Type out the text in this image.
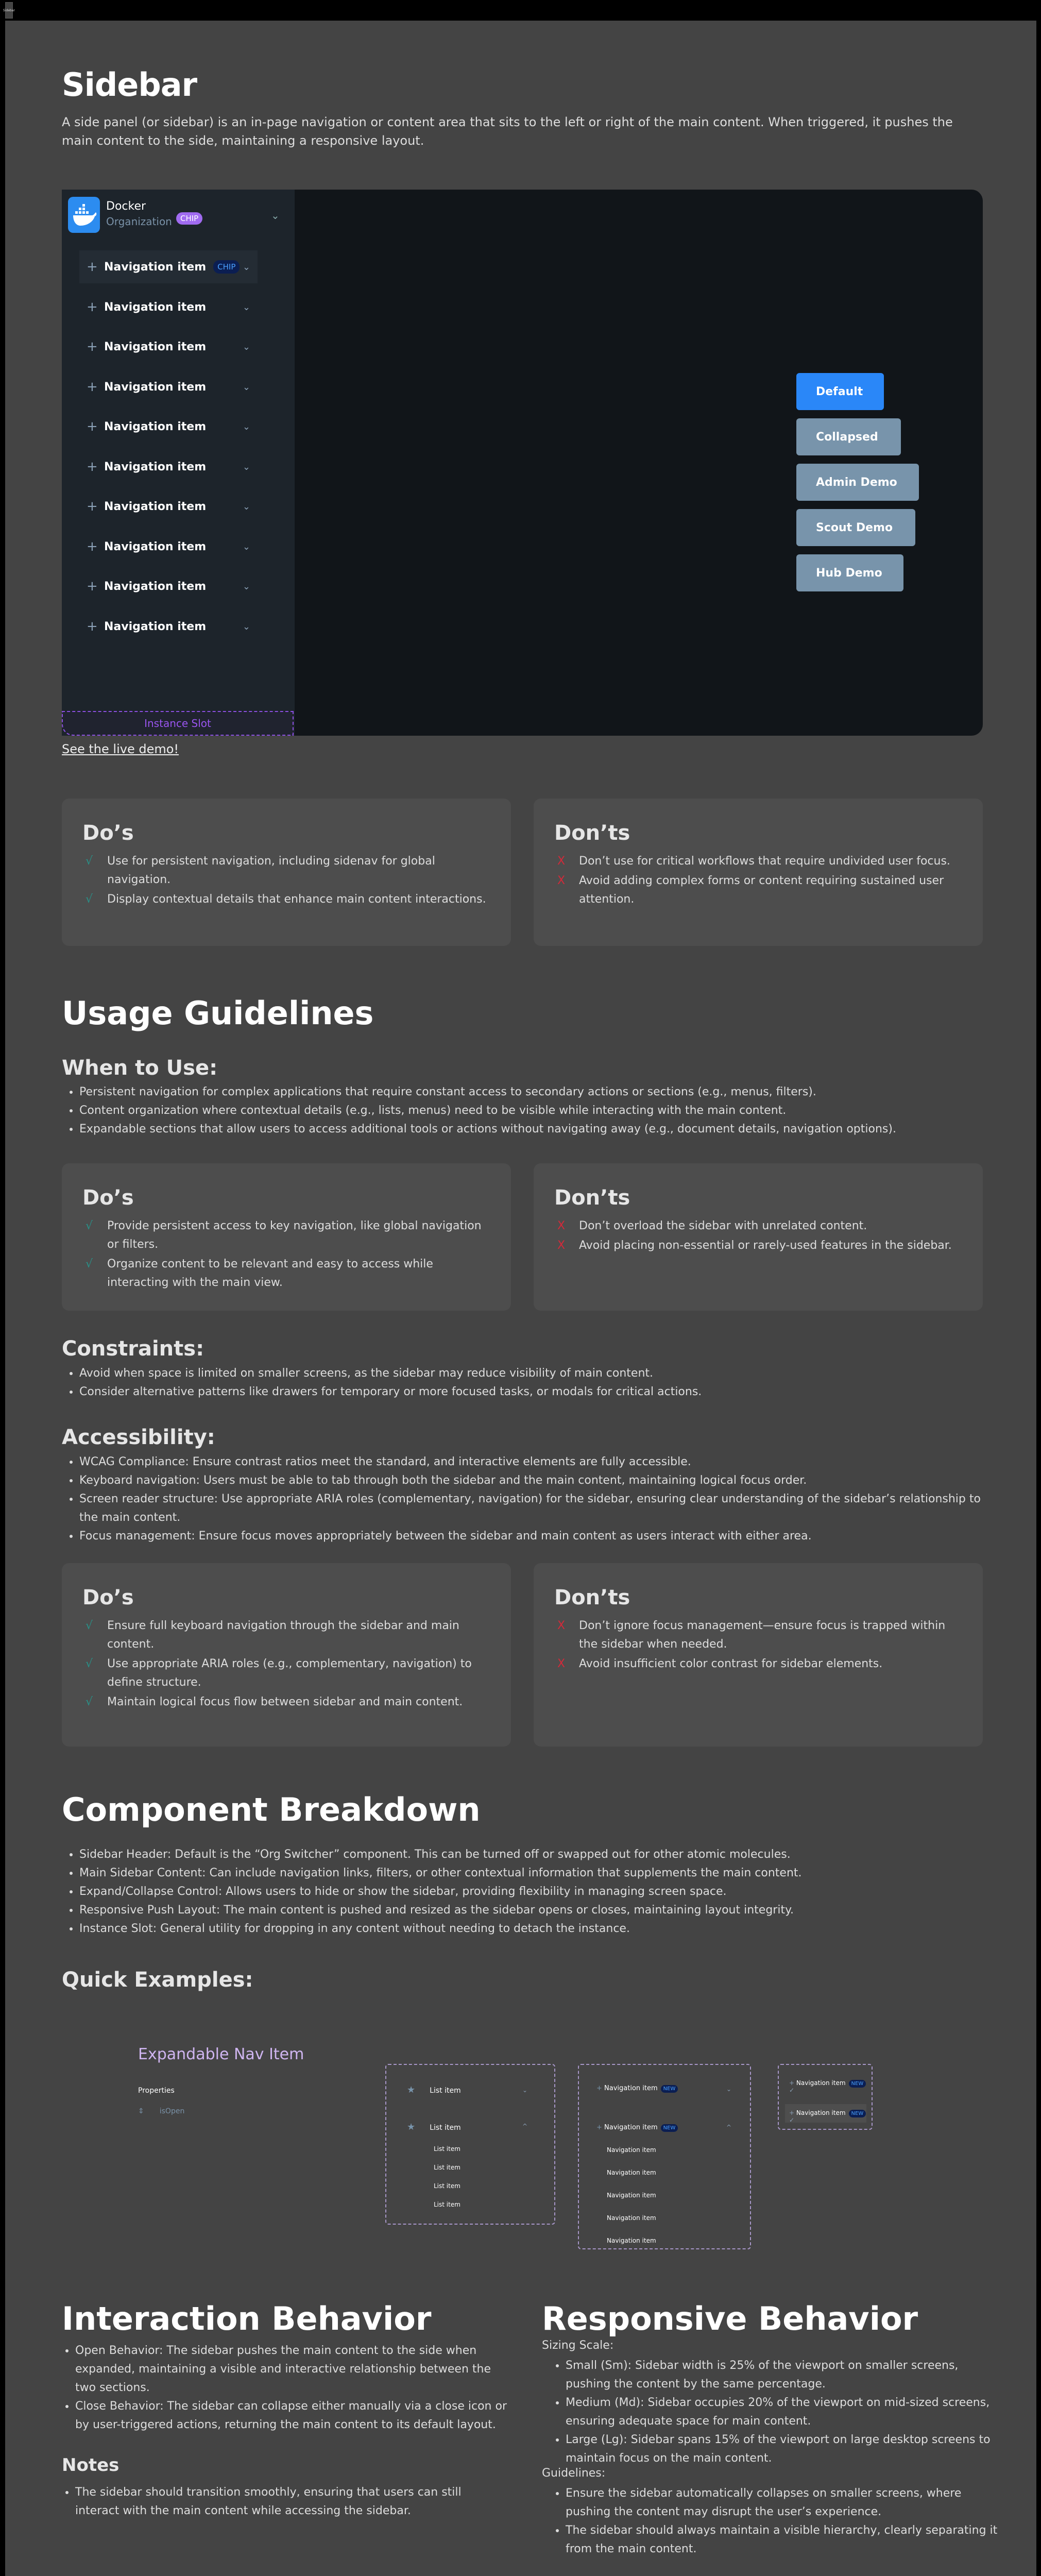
Sidebar
Sidebar

A side panel (or sidebar) is an in-page navigation or content area that sits to the left or right of the main content. When triggered, it pushes the main content to the side, maintaining a responsive layout.

Docker
Organization	CHIP	⌄
+ Navigation item	CHIP ⌄
+ Navigation item	⌄
+ Navigation item	⌄
+ Navigation item	⌄
+ Navigation item	⌄
+ Navigation item	⌄
+ Navigation item	⌄
+ Navigation item	⌄
+ Navigation item	⌄
+ Navigation item	⌄
Instance Slot
Default
Collapsed
Admin Demo
Scout Demo
Hub Demo
See the live demo!
Do’s
√ Use for persistent navigation, including sidenav for global navigation.
√ Display contextual details that enhance main content interactions.
Don’ts
X Don’t use for critical workflows that require undivided user focus.
X Avoid adding complex forms or content requiring sustained user attention.
Usage Guidelines
When to Use:
• Persistent navigation for complex applications that require constant access to secondary actions or sections (e.g., menus, filters).
• Content organization where contextual details (e.g., lists, menus) need to be visible while interacting with the main content.
• Expandable sections that allow users to access additional tools or actions without navigating away (e.g., document details, navigation options).
Do’s
√ Provide persistent access to key navigation, like global navigation or filters.
√ Organize content to be relevant and easy to access while interacting with the main view.
Don’ts
X Don’t overload the sidebar with unrelated content.
X Avoid placing non-essential or rarely-used features in the sidebar.
Constraints:
• Avoid when space is limited on smaller screens, as the sidebar may reduce visibility of main content.
• Consider alternative patterns like drawers for temporary or more focused tasks, or modals for critical actions.
Accessibility:
• WCAG Compliance: Ensure contrast ratios meet the standard, and interactive elements are fully accessible.
• Keyboard navigation: Users must be able to tab through both the sidebar and the main content, maintaining logical focus order.
• Screen reader structure: Use appropriate ARIA roles (complementary, navigation) for the sidebar, ensuring clear understanding of the sidebar’s relationship to the main content.
• Focus management: Ensure focus moves appropriately between the sidebar and main content as users interact with either area.
Do’s
√ Ensure full keyboard navigation through the sidebar and main content.
√ Use appropriate ARIA roles (e.g., complementary, navigation) to define structure.
√ Maintain logical focus flow between sidebar and main content.
Don’ts
X Don’t ignore focus management—ensure focus is trapped within the sidebar when needed.
X Avoid insufficient color contrast for sidebar elements.
Component Breakdown
• Sidebar Header: Default is the “Org Switcher” component. This can be turned off or swapped out for other atomic molecules.
• Main Sidebar Content: Can include navigation links, filters, or other contextual information that supplements the main content.
• Expand/Collapse Control: Allows users to hide or show the sidebar, providing flexibility in managing screen space.
• Responsive Push Layout: The main content is pushed and resized as the sidebar opens or closes, maintaining layout integrity.
• Instance Slot: General utility for dropping in any content without needing to detach the instance.
Quick Examples:
Expandable Nav Item
Properties
⇕ isOpen
★ List item	⌄
★ List item	^
List item
List item
List item
List item
+ Navigation item NEW	⌄
+ Navigation item NEW	^
Navigation item
Navigation item
Navigation item
Navigation item
Navigation item
+ Navigation item NEW ✓
+ Navigation item NEW ✓
Interaction Behavior
• Open Behavior: The sidebar pushes the main content to the side when expanded, maintaining a visible and interactive relationship between the two sections.
• Close Behavior: The sidebar can collapse either manually via a close icon or by user-triggered actions, returning the main content to its default layout.
Notes
• The sidebar should transition smoothly, ensuring that users can still interact with the main content while accessing the sidebar.
Responsive Behavior
Sizing Scale:
• Small (Sm): Sidebar width is 25% of the viewport on smaller screens, pushing the content by the same percentage.
• Medium (Md): Sidebar occupies 20% of the viewport on mid-sized screens, ensuring adequate space for main content.
• Large (Lg): Sidebar spans 15% of the viewport on large desktop screens to maintain focus on the main content.
Guidelines:
• Ensure the sidebar automatically collapses on smaller screens, where pushing the content may disrupt the user’s experience.
• The sidebar should always maintain a visible hierarchy, clearly separating it from the main content.
